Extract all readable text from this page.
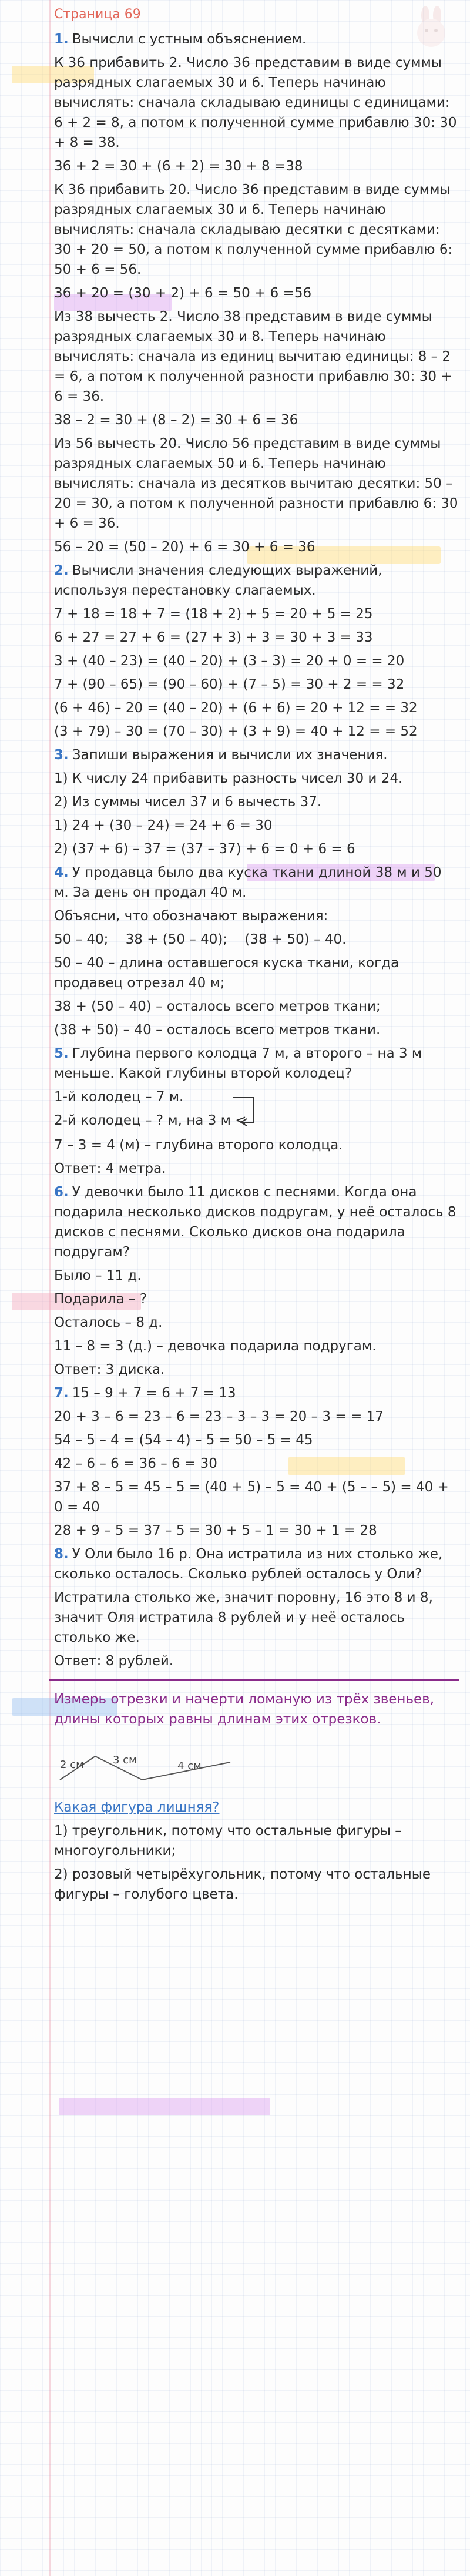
Страница 69
1. Вычисли с устным объяснением.
К 36 прибавить 2. Число 36 представим в виде суммы разрядных слагаемых 30 и 6. Теперь начинаю вычислять: сначала складываю единицы с единицами: 6 + 2 = 8, а потом к полученной сумме прибавлю 30: 30 + 8 = 38.
36 + 2 = 30 + (6 + 2) = 30 + 8 =38
К 36 прибавить 20. Число 36 представим в виде суммы разрядных слагаемых 30 и 6. Теперь начинаю вычислять: сначала складываю десятки с десятками: 30 + 20 = 50, а потом к полученной сумме прибавлю 6: 50 + 6 = 56.
36 + 20 = (30 + 2) + 6 = 50 + 6 =56
Из 38 вычесть 2. Число 38 представим в виде суммы разрядных слагаемых 30 и 8. Теперь начинаю вычислять: сначала из единиц вычитаю единицы: 8 – 2 = 6, а потом к полученной разности прибавлю 30: 30 + 6 = 36.
38 – 2 = 30 + (8 – 2) = 30 + 6 = 36
Из 56 вычесть 20. Число 56 представим в виде суммы разрядных слагаемых 50 и 6. Теперь начинаю вычислять: сначала из десятков вычитаю десятки: 50 – 20 = 30, а потом к полученной разности прибавлю 6: 30 + 6 = 36.
56 – 20 = (50 – 20) + 6 = 30 + 6 = 36
2. Вычисли значения следующих выражений, используя перестановку слагаемых.
7 + 18 = 18 + 7 = (18 + 2) + 5 = 20 + 5 = 25
6 + 27 = 27 + 6 = (27 + 3) + 3 = 30 + 3 = 33
3 + (40 – 23) = (40 – 20) + (3 – 3) = 20 + 0 = = 20
7 + (90 – 65) = (90 – 60) + (7 – 5) = 30 + 2 = = 32
(6 + 46) – 20 = (40 – 20) + (6 + 6) = 20 + 12 = = 32
(3 + 79) – 30 = (70 – 30) + (3 + 9) = 40 + 12 = = 52
3. Запиши выражения и вычисли их значения.
1) К числу 24 прибавить разность чисел 30 и 24.
2) Из суммы чисел 37 и 6 вычесть 37.
1) 24 + (30 – 24) = 24 + 6 = 30
2) (37 + 6) – 37 = (37 – 37) + 6 = 0 + 6 = 6
4. У продавца было два куска ткани длиной 38 м и 50 м. За день он продал 40 м.
Объясни, что обозначают выражения:
50 – 40;    38 + (50 – 40);    (38 + 50) – 40.
50 – 40 – длина оставшегося куска ткани, когда продавец отрезал 40 м;
38 + (50 – 40) – осталось всего метров ткани;
(38 + 50) – 40 – осталось всего метров ткани.
5. Глубина первого колодца 7 м, а второго – на 3 м меньше. Какой глубины второй колодец?
1-й колодец – 7 м.
2-й колодец – ? м, на 3 м <
7 – 3 = 4 (м) – глубина второго колодца.
Ответ: 4 метра.
6. У девочки было 11 дисков с песнями. Когда она подарила несколько дисков подругам, у неё осталось 8 дисков с песнями. Сколько дисков она подарила подругам?
Было – 11 д.
Подарила – ?
Осталось – 8 д.
11 – 8 = 3 (д.) – девочка подарила подругам.
Ответ: 3 диска.
7. 15 – 9 + 7 = 6 + 7 = 13
20 + 3 – 6 = 23 – 6 = 23 – 3 – 3 = 20 – 3 = = 17
54 – 5 – 4 = (54 – 4) – 5 = 50 – 5 = 45
42 – 6 – 6 = 36 – 6 = 30
37 + 8 – 5 = 45 – 5 = (40 + 5) – 5 = 40 + (5 – – 5) = 40 + 0 = 40
28 + 9 – 5 = 37 – 5 = 30 + 5 – 1 = 30 + 1 = 28
8. У Оли было 16 р. Она истратила из них столько же, сколько осталось. Сколько рублей осталось у Оли?
Истратила столько же, значит поровну, 16 это 8 и 8, значит Оля истратила 8 рублей и у неё осталось столько же.
Ответ: 8 рублей.
Измерь отрезки и начерти ломаную из трёх звеньев, длины которых равны длинам этих отрезков.
2 см	3 см	4 см
Какая фигура лишняя?
1) треугольник, потому что остальные фигуры – многоугольники;
2) розовый четырёхугольник, потому что остальные фигуры – голубого цвета.
